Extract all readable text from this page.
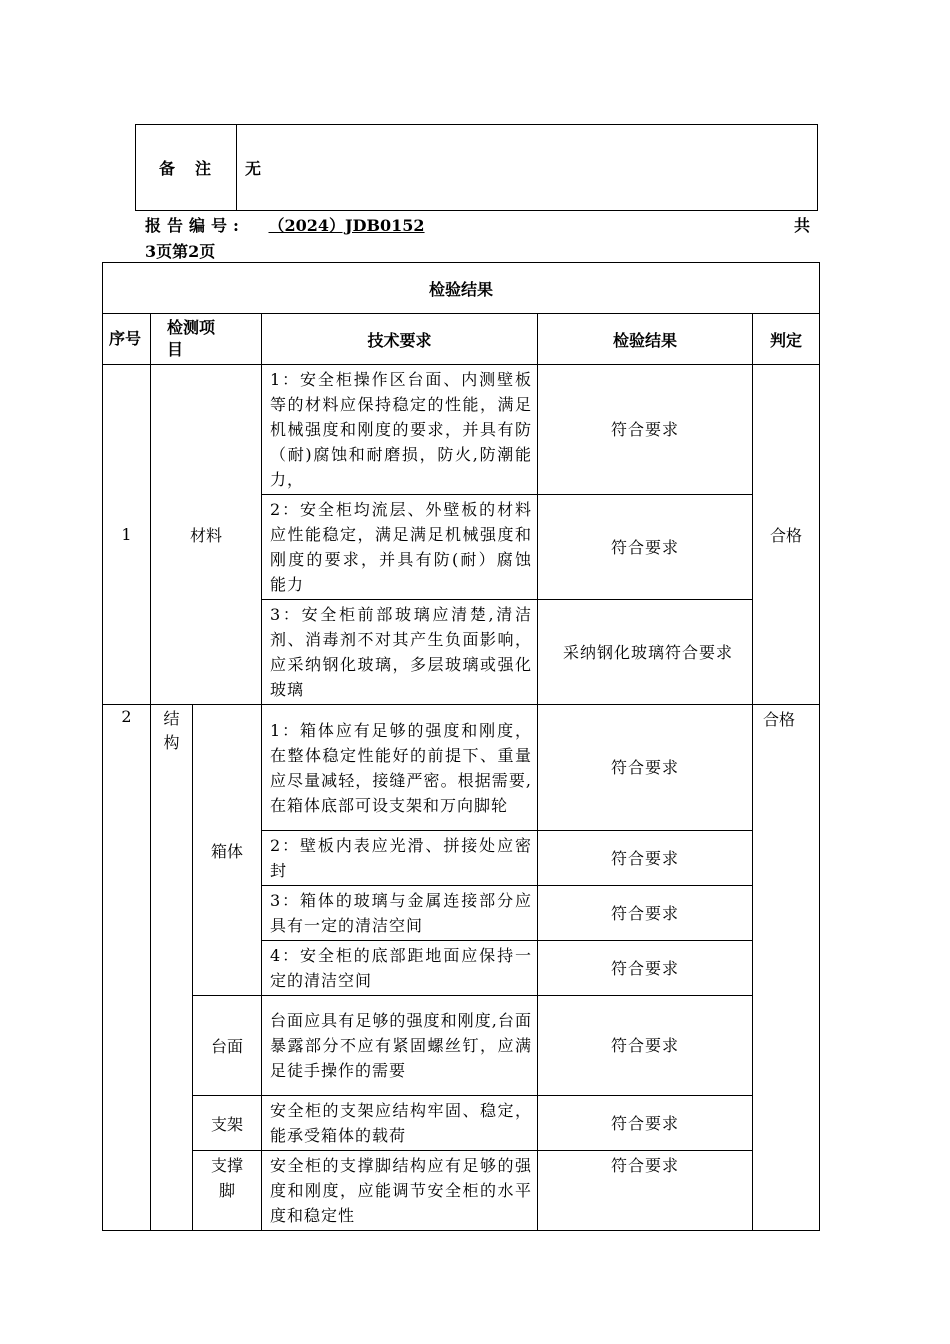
备　注	无
报告编号: （2024）JDB0152	共
3页第2页
检验结果					
序号	检测项目		技术要求	检验结果	判定
1	材料		1：安全柜操作区台面、内测壁板等的材料应保持稳定的性能，满足机械强度和刚度的要求，并具有防（耐)腐蚀和耐磨损，防火,防潮能力，	符合要求	合格
			2：安全柜均流层、外壁板的材料应性能稳定，满足满足机械强度和刚度的要求，并具有防(耐）腐蚀能力	符合要求	
			3：安全柜前部玻璃应清楚,清洁剂、消毒剂不对其产生负面影响，应采纳钢化玻璃，多层玻璃或强化玻璃	　采纳钢化玻璃符合要求	
2	结构	箱体	1：箱体应有足够的强度和刚度，在整体稳定性能好的前提下、重量应尽量减轻，接缝严密。根据需要,在箱体底部可设支架和万向脚轮	符合要求	合格
			2：壁板内表应光滑、拼接处应密封	符合要求	
			3：箱体的玻璃与金属连接部分应具有一定的清洁空间	符合要求	
			4：安全柜的底部距地面应保持一定的清洁空间	符合要求	
		台面	台面应具有足够的强度和刚度,台面暴露部分不应有紧固螺丝钉，应满足徒手操作的需要	符合要求	
		支架	安全柜的支架应结构牢固、稳定，能承受箱体的载荷	符合要求	
		支撑脚	安全柜的支撑脚结构应有足够的强度和刚度，应能调节安全柜的水平度和稳定性	符合要求	
